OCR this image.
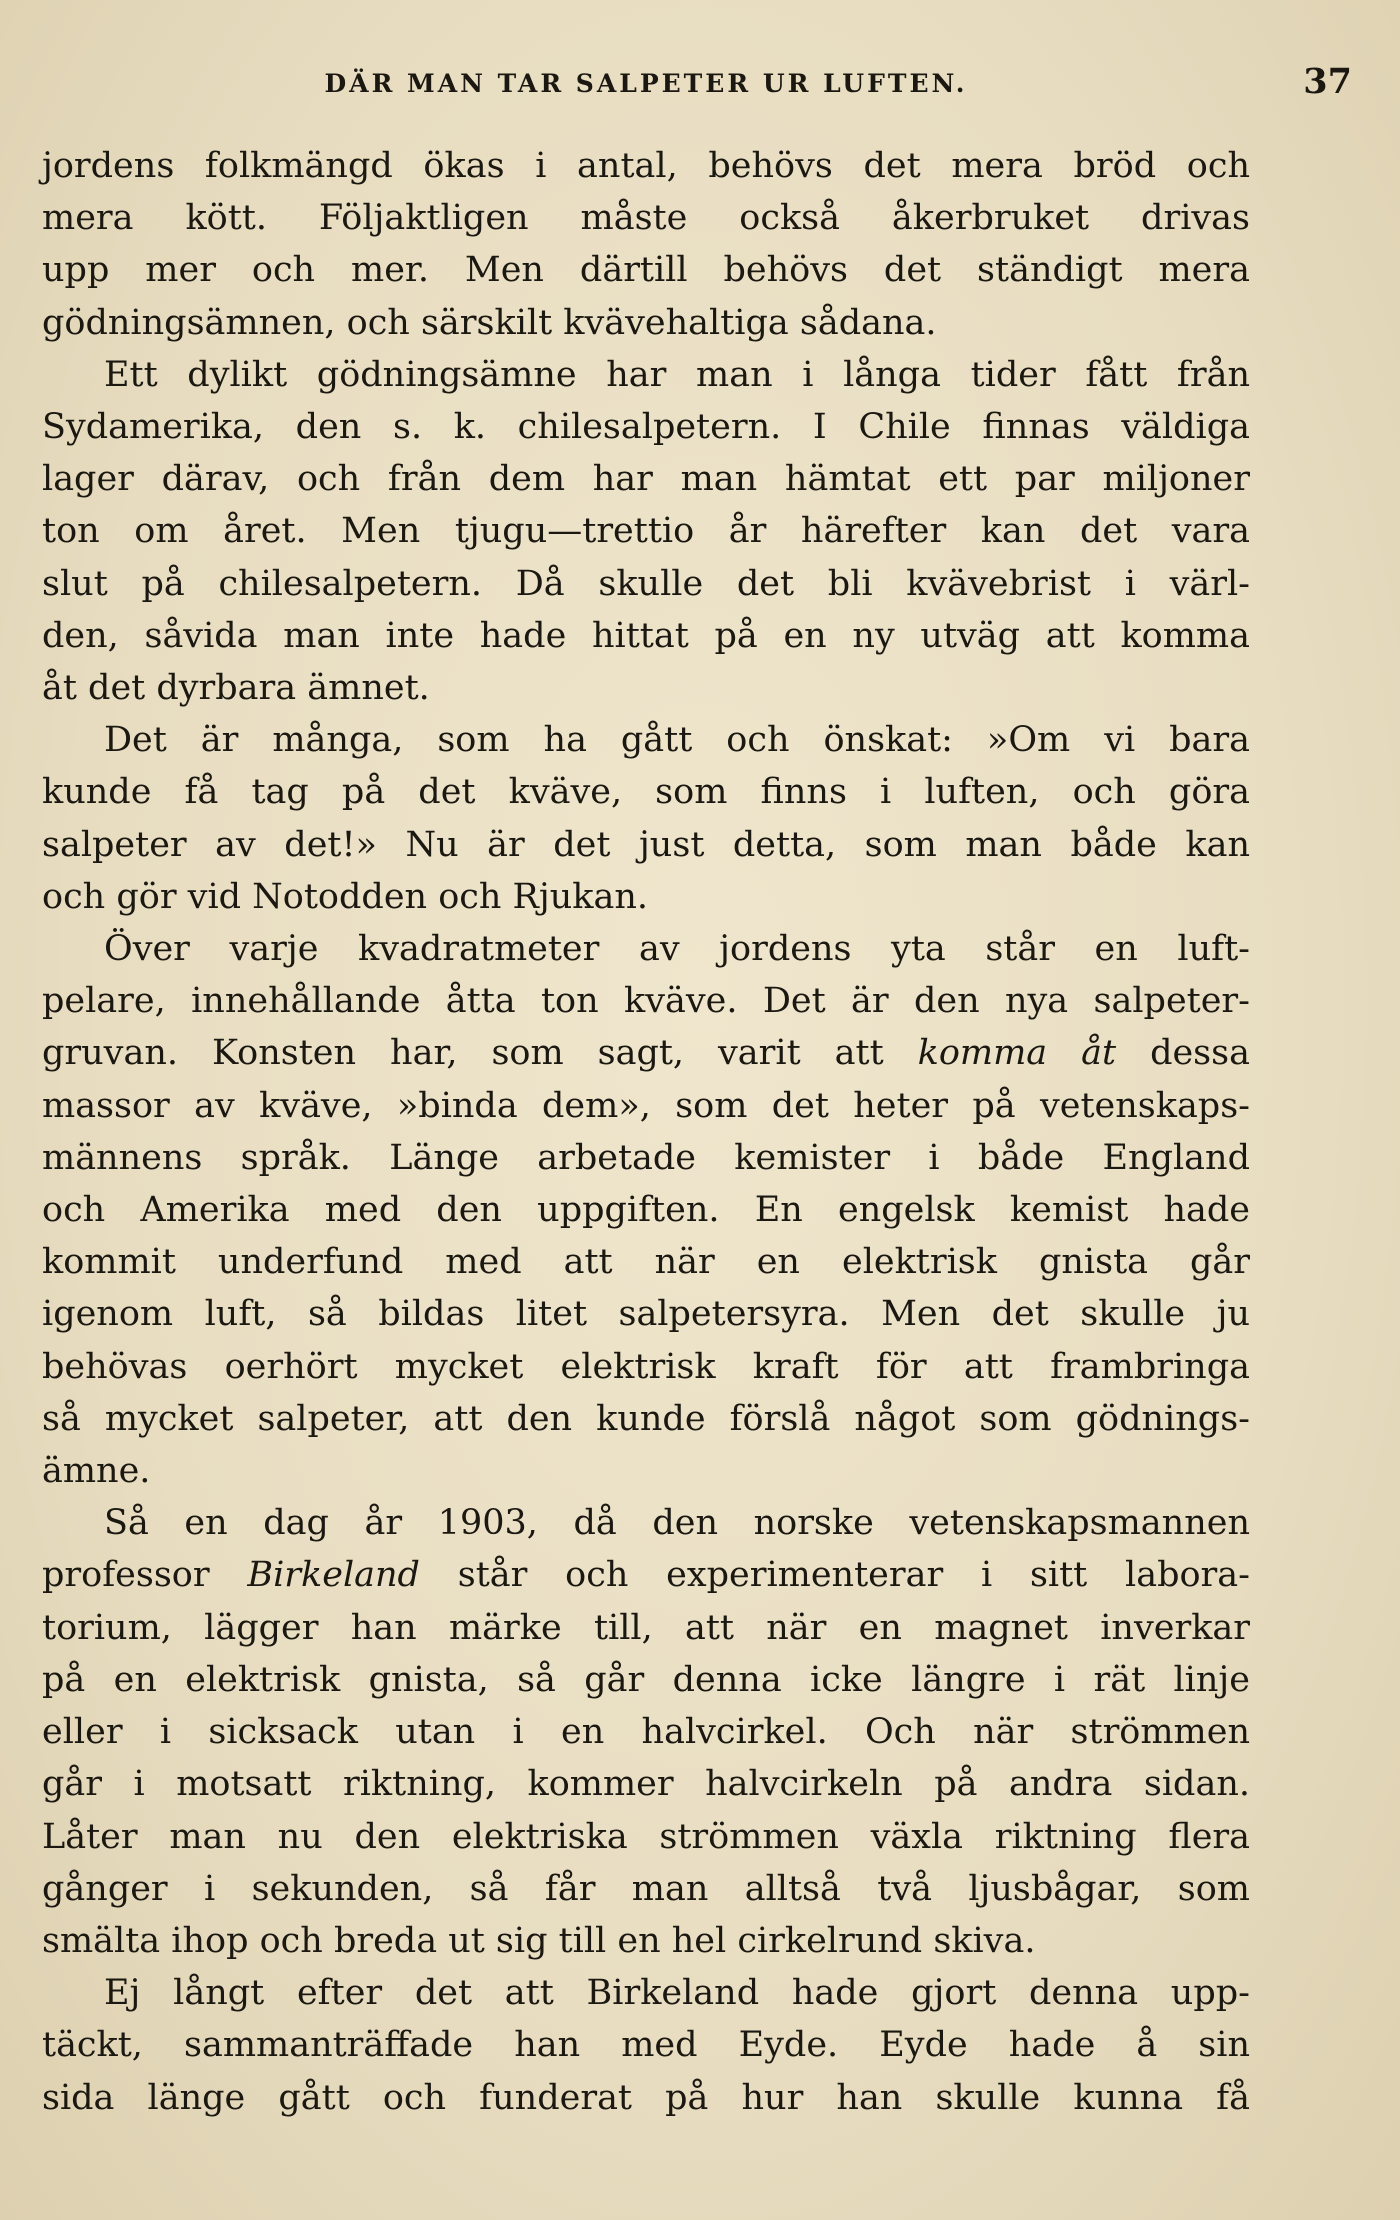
DÄR MAN TAR SALPETER UR LUFTEN.	37

jordens folkmängd ökas i antal, behövs det mera bröd och

mera kött. Följaktligen måste också åkerbruket drivas

upp mer och mer. Men därtill behövs det ständigt mera

gödningsämnen, och särskilt kvävehaltiga sådana.

Ett dylikt gödningsämne har man i långa tider fått från

Sydamerika, den s. k. chilesalpetern. I Chile finnas väldiga

lager därav, och från dem har man hämtat ett par miljoner

ton om året. Men tjugu—trettio år härefter kan det vara

slut på chilesalpetern. Då skulle det bli kvävebrist i värl-

den, såvida man inte hade hittat på en ny utväg att komma

åt det dyrbara ämnet.

Det är många, som ha gått och önskat: »Om vi bara

kunde få tag på det kväve, som finns i luften, och göra

salpeter av det!» Nu är det just detta, som man både kan

och gör vid Notodden och Rjukan.

Över varje kvadratmeter av jordens yta står en luft-

pelare, innehållande åtta ton kväve. Det är den nya salpeter-

gruvan. Konsten har, som sagt, varit att komma åt dessa

massor av kväve, »binda dem», som det heter på vetenskaps-

männens språk. Länge arbetade kemister i både England

och Amerika med den uppgiften. En engelsk kemist hade

kommit underfund med att när en elektrisk gnista går

igenom luft, så bildas litet salpetersyra. Men det skulle ju

behövas oerhört mycket elektrisk kraft för att frambringa

så mycket salpeter, att den kunde förslå något som gödnings-

ämne.

Så en dag år 1903, då den norske vetenskapsmannen

professor Birkeland står och experimenterar i sitt labora-

torium, lägger han märke till, att när en magnet inverkar

på en elektrisk gnista, så går denna icke längre i rät linje

eller i sicksack utan i en halvcirkel. Och när strömmen

går i motsatt riktning, kommer halvcirkeln på andra sidan.

Låter man nu den elektriska strömmen växla riktning flera

gånger i sekunden, så får man alltså två ljusbågar, som

smälta ihop och breda ut sig till en hel cirkelrund skiva.

Ej långt efter det att Birkeland hade gjort denna upp-

täckt, sammanträffade han med Eyde. Eyde hade å sin

sida länge gått och funderat på hur han skulle kunna få
